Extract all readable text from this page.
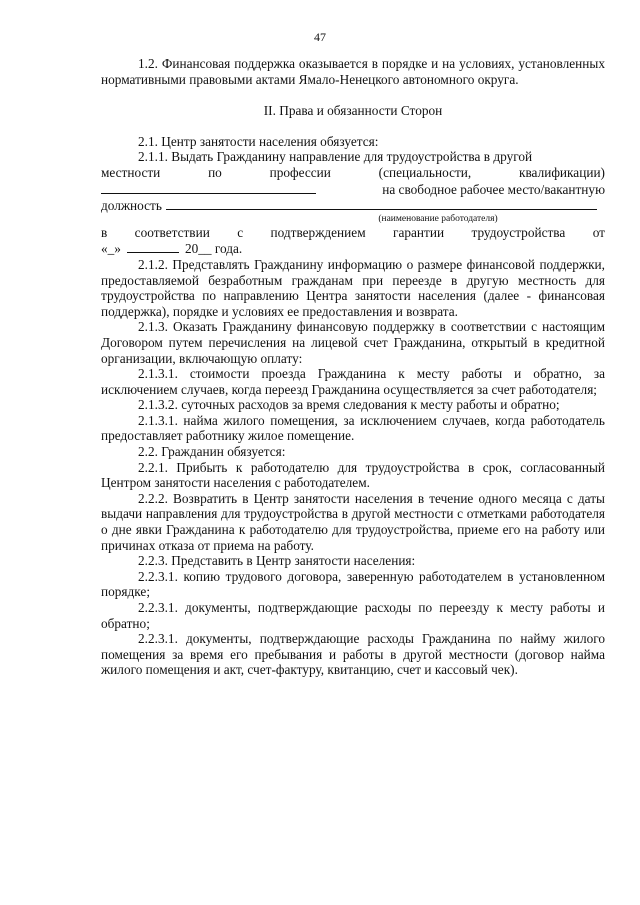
47

1.2. Финансовая поддержка оказывается в порядке и на условиях, установленных нормативными правовыми актами Ямало-Ненецкого автономного округа.

II. Права и обязанности Сторон

2.1. Центр занятости населения обязуется:

2.1.1. Выдать Гражданину направление для трудоустройства в другой

местности	по	профессии	(специальности,	квалификации)
на свободное рабочее место/вакантную
должность
(наименование работодателя)
в соответствии с подтверждением гарантии трудоустройства от
«_»	20__ года.

2.1.2. Представлять Гражданину информацию о размере финансовой поддержки, предоставляемой безработным гражданам при переезде в другую местность для трудоустройства по направлению Центра занятости населения (далее - финансовая поддержка), порядке и условиях ее предоставления и возврата.

2.1.3. Оказать Гражданину финансовую поддержку в соответствии с настоящим Договором путем перечисления на лицевой счет Гражданина, открытый в кредитной организации, включающую оплату:

2.1.3.1. стоимости проезда Гражданина к месту работы и обратно, за исключением случаев, когда переезд Гражданина осуществляется за счет работодателя;

2.1.3.2. суточных расходов за время следования к месту работы и обратно;

2.1.3.1. найма жилого помещения, за исключением случаев, когда работодатель предоставляет работнику жилое помещение.

2.2. Гражданин обязуется:

2.2.1. Прибыть к работодателю для трудоустройства в срок, согласованный Центром занятости населения с работодателем.

2.2.2. Возвратить в Центр занятости населения в течение одного месяца с даты выдачи направления для трудоустройства в другой местности с отметками работодателя о дне явки Гражданина к работодателю для трудоустройства, приеме его на работу или причинах отказа от приема на работу.

2.2.3. Представить в Центр занятости населения:

2.2.3.1. копию трудового договора, заверенную работодателем в установленном порядке;

2.2.3.1. документы, подтверждающие расходы по переезду к месту работы и обратно;

2.2.3.1. документы, подтверждающие расходы Гражданина по найму жилого помещения за время его пребывания и работы в другой местности (договор найма жилого помещения и акт, счет-фактуру, квитанцию, счет и кассовый чек).
